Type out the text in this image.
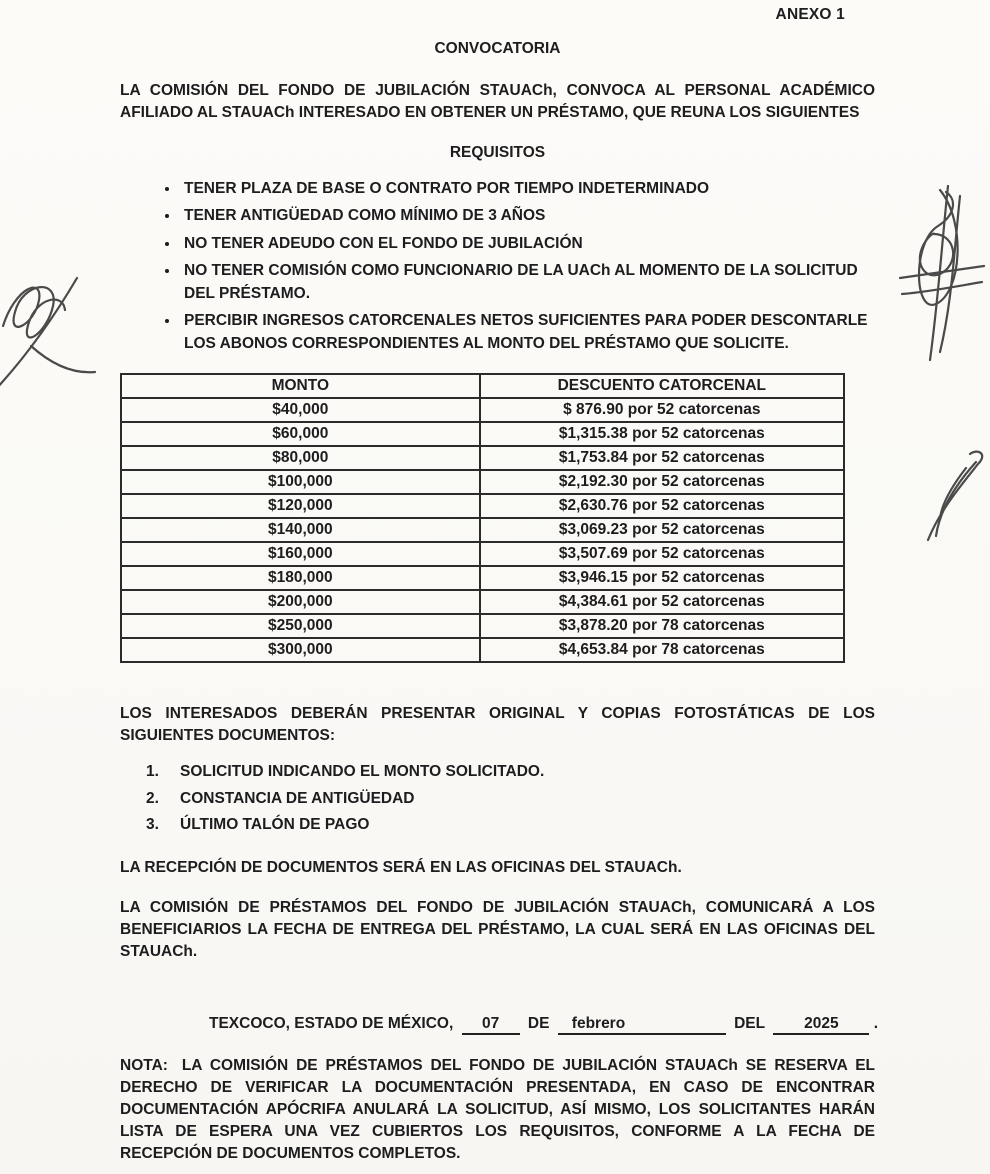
ANEXO 1
CONVOCATORIA

LA COMISIÓN DEL FONDO DE JUBILACIÓN STAUACh, CONVOCA AL PERSONAL ACADÉMICO AFILIADO AL STAUACh INTERESADO EN OBTENER UN PRÉSTAMO, QUE REUNA LOS SIGUIENTES

REQUISITOS
• TENER PLAZA DE BASE O CONTRATO POR TIEMPO INDETERMINADO
• TENER ANTIGÜEDAD COMO MÍNIMO DE 3 AÑOS
• NO TENER ADEUDO CON EL FONDO DE JUBILACIÓN
• NO TENER COMISIÓN COMO FUNCIONARIO DE LA UACh AL MOMENTO DE LA SOLICITUD DEL PRÉSTAMO.
• PERCIBIR INGRESOS CATORCENALES NETOS SUFICIENTES PARA PODER DESCONTARLE LOS ABONOS CORRESPONDIENTES AL MONTO DEL PRÉSTAMO QUE SOLICITE.
MONTO	DESCUENTO CATORCENAL
$40,000	$ 876.90 por 52 catorcenas
$60,000	$1,315.38 por 52 catorcenas
$80,000	$1,753.84 por 52 catorcenas
$100,000	$2,192.30 por 52 catorcenas
$120,000	$2,630.76 por 52 catorcenas
$140,000	$3,069.23 por 52 catorcenas
$160,000	$3,507.69 por 52 catorcenas
$180,000	$3,946.15 por 52 catorcenas
$200,000	$4,384.61 por 52 catorcenas
$250,000	$3,878.20 por 78 catorcenas
$300,000	$4,653.84 por 78 catorcenas

LOS INTERESADOS DEBERÁN PRESENTAR ORIGINAL Y COPIAS FOTOSTÁTICAS DE LOS SIGUIENTES DOCUMENTOS:

1. SOLICITUD INDICANDO EL MONTO SOLICITADO.
2. CONSTANCIA DE ANTIGÜEDAD
3. ÚLTIMO TALÓN DE PAGO

LA RECEPCIÓN DE DOCUMENTOS SERÁ EN LAS OFICINAS DEL STAUACh.

LA COMISIÓN DE PRÉSTAMOS DEL FONDO DE JUBILACIÓN STAUACh, COMUNICARÁ A LOS BENEFICIARIOS LA FECHA DE ENTREGA DEL PRÉSTAMO, LA CUAL SERÁ EN LAS OFICINAS DEL STAUACh.

TEXCOCO, ESTADO DE MÉXICO, 07 DE febrero	DEL	2025 .

NOTA: LA COMISIÓN DE PRÉSTAMOS DEL FONDO DE JUBILACIÓN STAUACh SE RESERVA EL DERECHO DE VERIFICAR LA DOCUMENTACIÓN PRESENTADA, EN CASO DE ENCONTRAR DOCUMENTACIÓN APÓCRIFA ANULARÁ LA SOLICITUD, ASÍ MISMO, LOS SOLICITANTES HARÁN LISTA DE ESPERA UNA VEZ CUBIERTOS LOS REQUISITOS, CONFORME A LA FECHA DE RECEPCIÓN DE DOCUMENTOS COMPLETOS.
